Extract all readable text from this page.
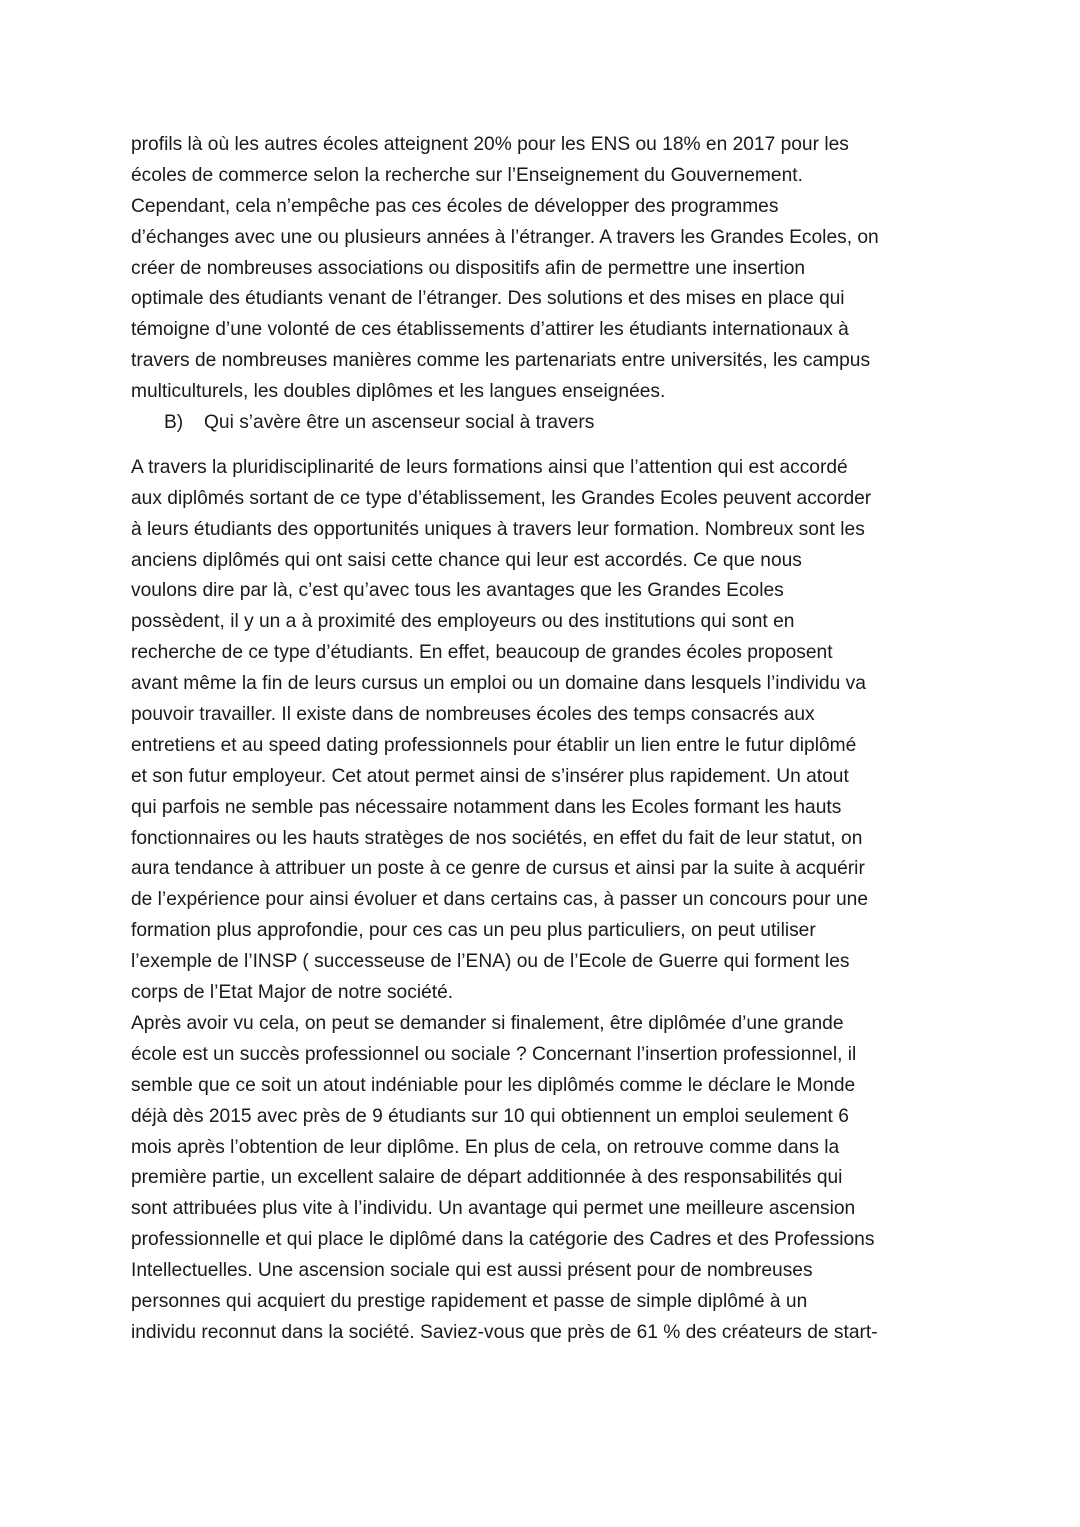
profils là où les autres écoles atteignent 20% pour les ENS ou 18% en 2017 pour les
écoles de commerce selon la recherche sur l’Enseignement du Gouvernement.
Cependant, cela n’empêche pas ces écoles de développer des programmes
d’échanges avec une ou plusieurs années à l’étranger. A travers les Grandes Ecoles, on
créer de nombreuses associations ou dispositifs afin de permettre une insertion
optimale des étudiants venant de l’étranger. Des solutions et des mises en place qui
témoigne d’une volonté de ces établissements d’attirer les étudiants internationaux à
travers de nombreuses manières comme les partenariats entre universités, les campus
multiculturels, les doubles diplômes et les langues enseignées.

B) Qui s’avère être un ascenseur social à travers

A travers la pluridisciplinarité de leurs formations ainsi que l’attention qui est accordé
aux diplômés sortant de ce type d’établissement, les Grandes Ecoles peuvent accorder
à leurs étudiants des opportunités uniques à travers leur formation. Nombreux sont les
anciens diplômés qui ont saisi cette chance qui leur est accordés. Ce que nous
voulons dire par là, c’est qu’avec tous les avantages que les Grandes Ecoles
possèdent, il y un a à proximité des employeurs ou des institutions qui sont en
recherche de ce type d’étudiants. En effet, beaucoup de grandes écoles proposent
avant même la fin de leurs cursus un emploi ou un domaine dans lesquels l’individu va
pouvoir travailler. Il existe dans de nombreuses écoles des temps consacrés aux
entretiens et au speed dating professionnels pour établir un lien entre le futur diplômé
et son futur employeur. Cet atout permet ainsi de s’insérer plus rapidement. Un atout
qui parfois ne semble pas nécessaire notamment dans les Ecoles formant les hauts
fonctionnaires ou les hauts stratèges de nos sociétés, en effet du fait de leur statut, on
aura tendance à attribuer un poste à ce genre de cursus et ainsi par la suite à acquérir
de l’expérience pour ainsi évoluer et dans certains cas, à passer un concours pour une
formation plus approfondie, pour ces cas un peu plus particuliers, on peut utiliser
l’exemple de l’INSP ( successeuse de l’ENA) ou de l’Ecole de Guerre qui forment les
corps de l’Etat Major de notre société.

Après avoir vu cela, on peut se demander si finalement, être diplômée d’une grande
école est un succès professionnel ou sociale ? Concernant l’insertion professionnel, il
semble que ce soit un atout indéniable pour les diplômés comme le déclare le Monde
déjà dès 2015 avec près de 9 étudiants sur 10 qui obtiennent un emploi seulement 6
mois après l’obtention de leur diplôme. En plus de cela, on retrouve comme dans la
première partie, un excellent salaire de départ additionnée à des responsabilités qui
sont attribuées plus vite à l’individu. Un avantage qui permet une meilleure ascension
professionnelle et qui place le diplômé dans la catégorie des Cadres et des Professions
Intellectuelles. Une ascension sociale qui est aussi présent pour de nombreuses
personnes qui acquiert du prestige rapidement et passe de simple diplômé à un
individu reconnut dans la société. Saviez-vous que près de 61 % des créateurs de start-
